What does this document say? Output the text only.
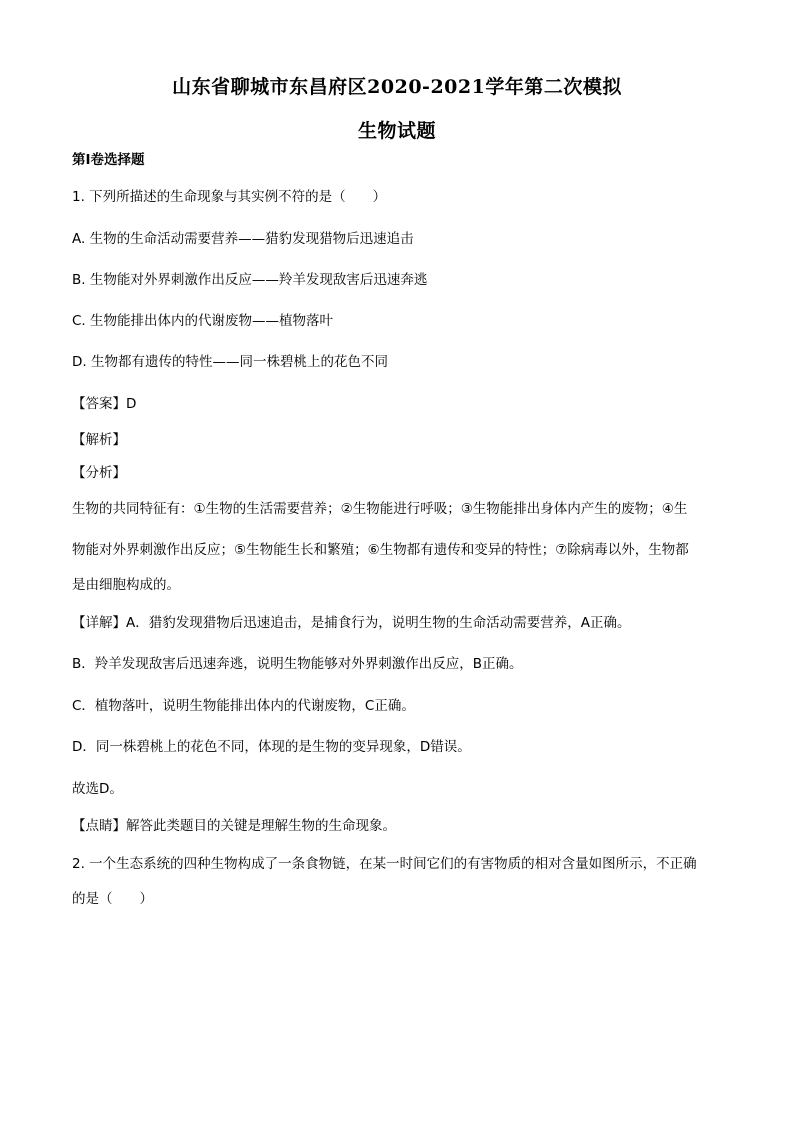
山东省聊城市东昌府区2020-2021学年第二次模拟
生物试题
第Ⅰ卷选择题
1. 下列所描述的生命现象与其实例不符的是（　　）
A. 生物的生命活动需要营养——猎豹发现猎物后迅速追击
B. 生物能对外界刺激作出反应——羚羊发现敌害后迅速奔逃
C. 生物能排出体内的代谢废物——植物落叶
D. 生物都有遗传的特性——同一株碧桃上的花色不同
【答案】D
【解析】
【分析】
生物的共同特征有：①生物的生活需要营养；②生物能进行呼吸；③生物能排出身体内产生的废物；④生
物能对外界刺激作出反应；⑤生物能生长和繁殖；⑥生物都有遗传和变异的特性；⑦除病毒以外，生物都
是由细胞构成的。
【详解】A．猎豹发现猎物后迅速追击，是捕食行为，说明生物的生命活动需要营养，A正确。
B．羚羊发现敌害后迅速奔逃，说明生物能够对外界刺激作出反应，B正确。
C．植物落叶，说明生物能排出体内的代谢废物，C正确。
D．同一株碧桃上的花色不同，体现的是生物的变异现象，D错误。
故选D。
【点睛】解答此类题目的关键是理解生物的生命现象。
2. 一个生态系统的四种生物构成了一条食物链，在某一时间它们的有害物质的相对含量如图所示，不正确
的是（　　）
